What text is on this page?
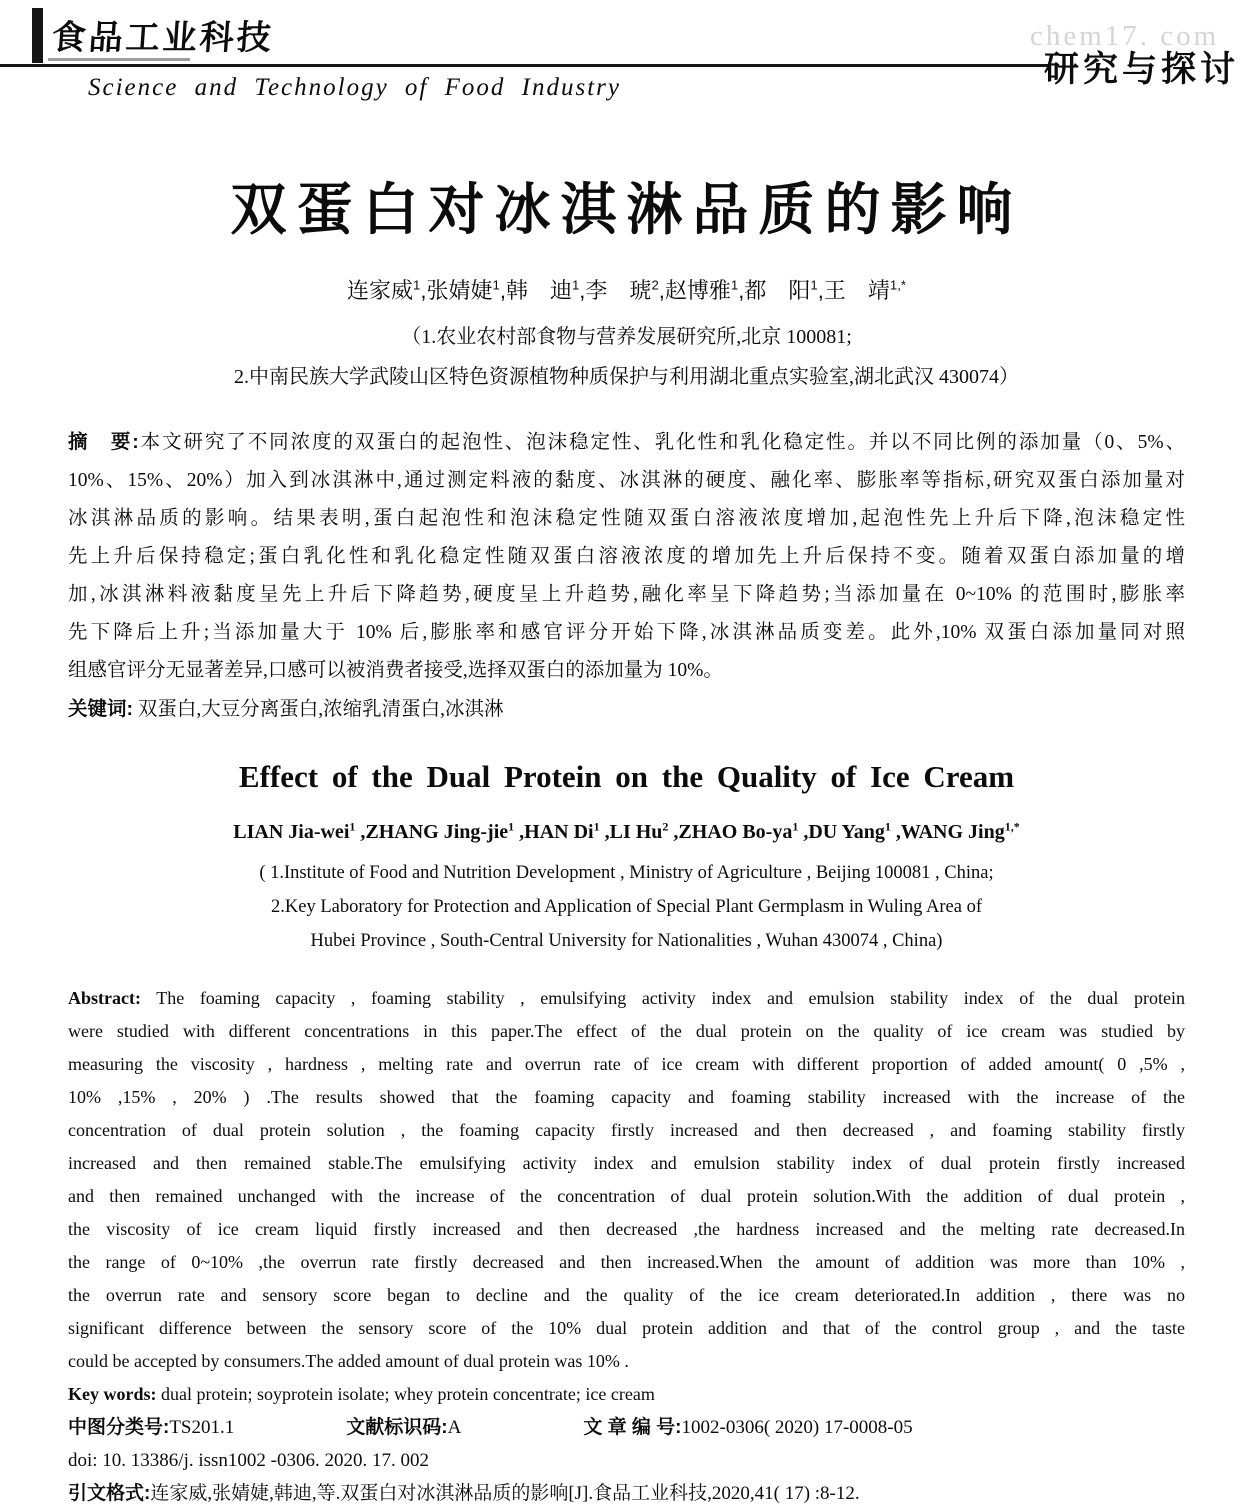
食品工业科技
Science and Technology of Food Industry
chem17. com
研究与探讨
双蛋白对冰淇淋品质的影响
连家威$^1$,张婧婕$^1$,韩　迪$^1$,李　琥$^2$,赵博雅$^1$,都　阳$^1$,王　靖$^{1,*}$
（1.农业农村部食物与营养发展研究所,北京 100081;
2.中南民族大学武陵山区特色资源植物种质保护与利用湖北重点实验室,湖北武汉 430074）
摘　要:本文研究了不同浓度的双蛋白的起泡性、泡沫稳定性、乳化性和乳化稳定性。并以不同比例的添加量（0、5%、
10%、15%、20%）加入到冰淇淋中,通过测定料液的黏度、冰淇淋的硬度、融化率、膨胀率等指标,研究双蛋白添加量对
冰淇淋品质的影响。结果表明,蛋白起泡性和泡沫稳定性随双蛋白溶液浓度增加,起泡性先上升后下降,泡沫稳定性
先上升后保持稳定;蛋白乳化性和乳化稳定性随双蛋白溶液浓度的增加先上升后保持不变。随着双蛋白添加量的增
加,冰淇淋料液黏度呈先上升后下降趋势,硬度呈上升趋势,融化率呈下降趋势;当添加量在 0~10% 的范围时,膨胀率
先下降后上升;当添加量大于 10% 后,膨胀率和感官评分开始下降,冰淇淋品质变差。此外,10% 双蛋白添加量同对照
组感官评分无显著差异,口感可以被消费者接受,选择双蛋白的添加量为 10%。
关键词: 双蛋白,大豆分离蛋白,浓缩乳清蛋白,冰淇淋
Effect of the Dual Protein on the Quality of Ice Cream
LIAN Jia-wei$^1$ ,ZHANG Jing-jie$^1$ ,HAN Di$^1$ ,LI Hu$^2$ ,ZHAO $Bo-ya^1$ ,DU Yang$^1$ ,WANG Jing$^{1,*}$
( 1.Institute of Food and Nutrition Development , Ministry of Agriculture , Beijing 100081 , China;
2.Key Laboratory for Protection and Application of Special Plant Germplasm in Wuling Area of
Hubei Province , South-Central University for Nationalities , Wuhan 430074 , China)
Abstract: The foaming capacity , foaming stability , emulsifying activity index and emulsion stability index of the dual protein
were studied with different concentrations in this paper.The effect of the dual protein on the quality of ice cream was studied by
measuring the viscosity , hardness , melting rate and overrun rate of ice cream with different proportion of added amount( 0 ,5% ,
10% ,15% , 20% ) .The results showed that the foaming capacity and foaming stability increased with the increase of the
concentration of dual protein solution , the foaming capacity firstly increased and then decreased , and foaming stability firstly
increased and then remained stable.The emulsifying activity index and emulsion stability index of dual protein firstly increased
and then remained unchanged with the increase of the concentration of dual protein solution.With the addition of dual protein ,
the viscosity of ice cream liquid firstly increased and then decreased ,the hardness increased and the melting rate decreased.In
the range of 0~10% ,the overrun rate firstly decreased and then increased.When the amount of addition was more than 10% ,
the overrun rate and sensory score began to decline and the quality of the ice cream deteriorated.In addition , there was no
significant difference between the sensory score of the 10% dual protein addition and that of the control group , and the taste
could be accepted by consumers.The added amount of dual protein was 10% .
Key words: dual protein; soyprotein isolate; whey protein concentrate; ice cream
中图分类号:TS201.1	文献标识码:A	文 章 编 号:1002-0306( 2020) 17-0008-05
doi: 10. 13386/j. issn1002 -0306. 2020. 17. 002
引文格式:连家威,张婧婕,韩迪,等.双蛋白对冰淇淋品质的影响[J].食品工业科技,2020,41( 17) :8-12.
